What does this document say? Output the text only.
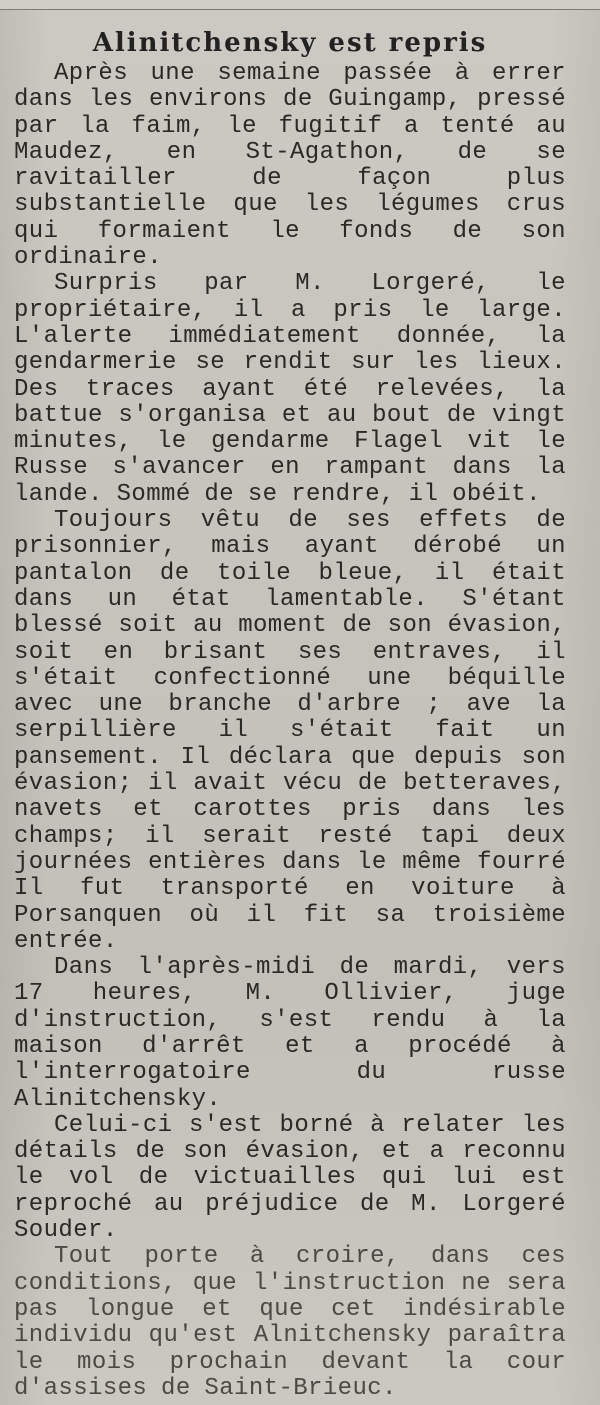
Alinitchensky est repris

Après une semaine passée à errer dans les environs de Guingamp, pressé par la faim, le fugitif a tenté au Maudez, en St-Agathon, de se ravitailler de façon plus substantielle que les légumes crus qui formaient le fonds de son ordinaire.

Surpris par M. Lorgeré, le propriétaire, il a pris le large. L'alerte immédiatement donnée, la gendarmerie se rendit sur les lieux. Des traces ayant été relevées, la battue s'organisa et au bout de vingt minutes, le gendarme Flagel vit le Russe s'avancer en rampant dans la lande. Sommé de se rendre, il obéit.

Toujours vêtu de ses effets de prisonnier, mais ayant dérobé un pantalon de toile bleue, il était dans un état lamentable. S'étant blessé soit au moment de son évasion, soit en brisant ses entraves, il s'était confectionné une béquille avec une branche d'arbre ; ave la serpillière il s'était fait un pansement. Il déclara que depuis son évasion; il avait vécu de betteraves, navets et carottes pris dans les champs; il serait resté tapi deux journées entières dans le même fourré Il fut transporté en voiture à Porsanquen où il fit sa troisième entrée.

Dans l'après-midi de mardi, vers 17 heures, M. Ollivier, juge d'instruction, s'est rendu à la maison d'arrêt et a procédé à l'interrogatoire du russe Alinitchensky.

Celui-ci s'est borné à relater les détails de son évasion, et a reconnu le vol de victuailles qui lui est reproché au préjudice de M. Lorgeré Souder.

Tout porte à croire, dans ces conditions, que l'instruction ne sera pas longue et que cet indésirable individu qu'est Alnitchensky paraîtra le mois prochain devant la cour d'assises de Saint-Brieuc.
